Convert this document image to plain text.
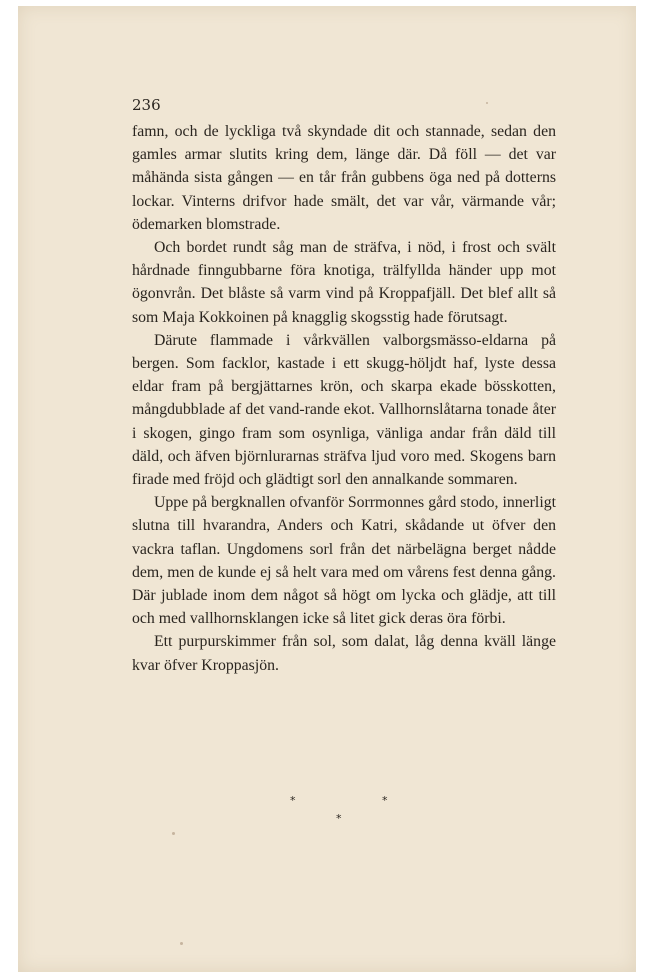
236

famn, och de lyckliga två skyndade dit och stannade, sedan den gamles armar slutits kring dem, länge där. Då föll — det var måhända sista gången — en tår från gubbens öga ned på dotterns lockar. Vinterns drifvor hade smält, det var vår, värmande vår; ödemarken blomstrade.

Och bordet rundt såg man de sträfva, i nöd, i frost och svält hårdnade finngubbarne föra knotiga, trälfyllda händer upp mot ögonvrån. Det blåste så varm vind på Kroppafjäll. Det blef allt så som Maja Kokkoinen på knagglig skogsstig hade förutsagt.

Därute flammade i vårkvällen valborgsmässo-eldarna på bergen. Som facklor, kastade i ett skugg-höljdt haf, lyste dessa eldar fram på bergjättarnes krön, och skarpa ekade bösskotten, mångdubblade af det vand-rande ekot. Vallhornslåtarna tonade åter i skogen, gingo fram som osynliga, vänliga andar från däld till däld, och äfven björnlurarnas sträfva ljud voro med. Skogens barn firade med fröjd och glädtigt sorl den annalkande sommaren.

Uppe på bergknallen ofvanför Sorrmonnes gård stodo, innerligt slutna till hvarandra, Anders och Katri, skådande ut öfver den vackra taflan. Ungdomens sorl från det närbelägna berget nådde dem, men de kunde ej så helt vara med om vårens fest denna gång. Där jublade inom dem något så högt om lycka och glädje, att till och med vallhornsklangen icke så litet gick deras öra förbi.

Ett purpurskimmer från sol, som dalat, låg denna kväll länge kvar öfver Kroppasjön.

*	*
*
